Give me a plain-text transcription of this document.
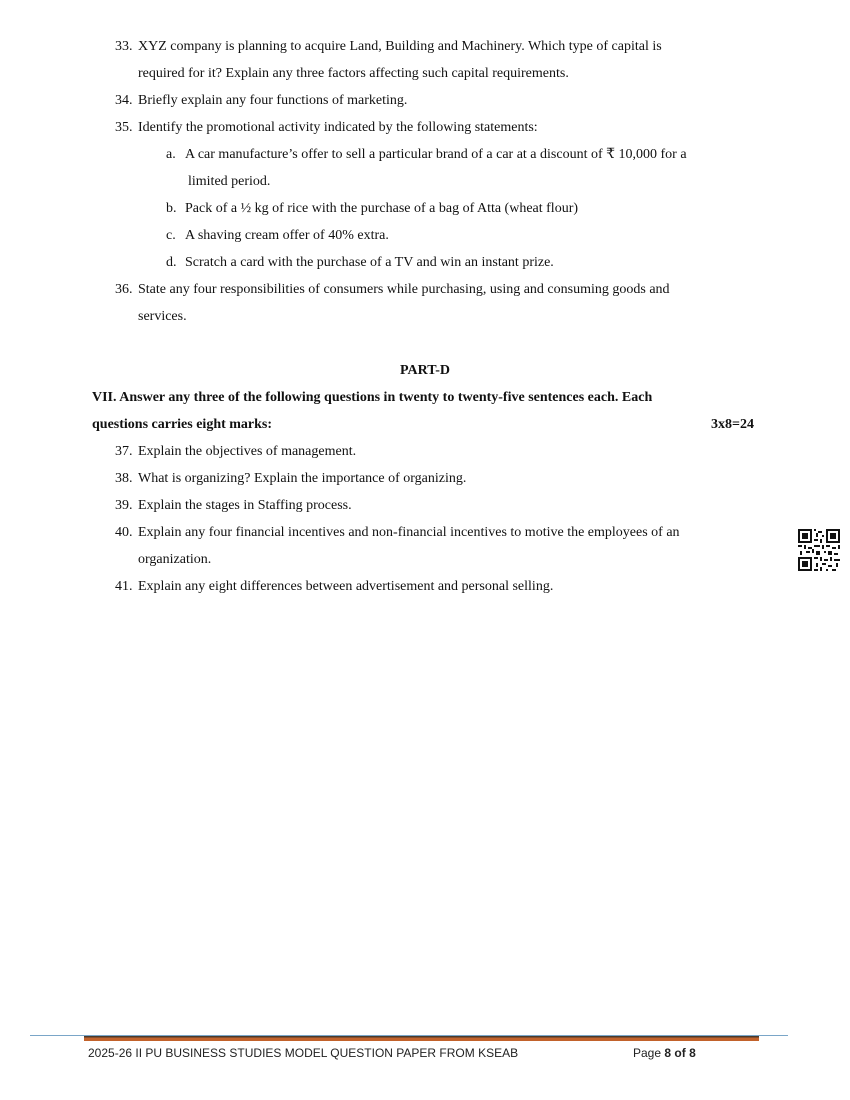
33. XYZ company is planning to acquire Land, Building and Machinery. Which type of capital is
required for it? Explain any three factors affecting such capital requirements.
34. Briefly explain any four functions of marketing.
35. Identify the promotional activity indicated by the following statements:
a. A car manufacture’s offer to sell a particular brand of a car at a discount of ₹ 10,000 for a
limited period.
b. Pack of a ½ kg of rice with the purchase of a bag of Atta (wheat flour)
c. A shaving cream offer of 40% extra.
d. Scratch a card with the purchase of a TV and win an instant prize.
36. State any four responsibilities of consumers while purchasing, using and consuming goods and
services.
PART-D
VII. Answer any three of the following questions in twenty to twenty-five sentences each. Each
questions carries eight marks:	3x8=24
37. Explain the objectives of management.
38. What is organizing? Explain the importance of organizing.
39. Explain the stages in Staffing process.
40. Explain any four financial incentives and non-financial incentives to motive the employees of an
organization.
41. Explain any eight differences between advertisement and personal selling.
2025-26 II PU BUSINESS STUDIES MODEL QUESTION PAPER FROM KSEAB	Page 8 of 8
